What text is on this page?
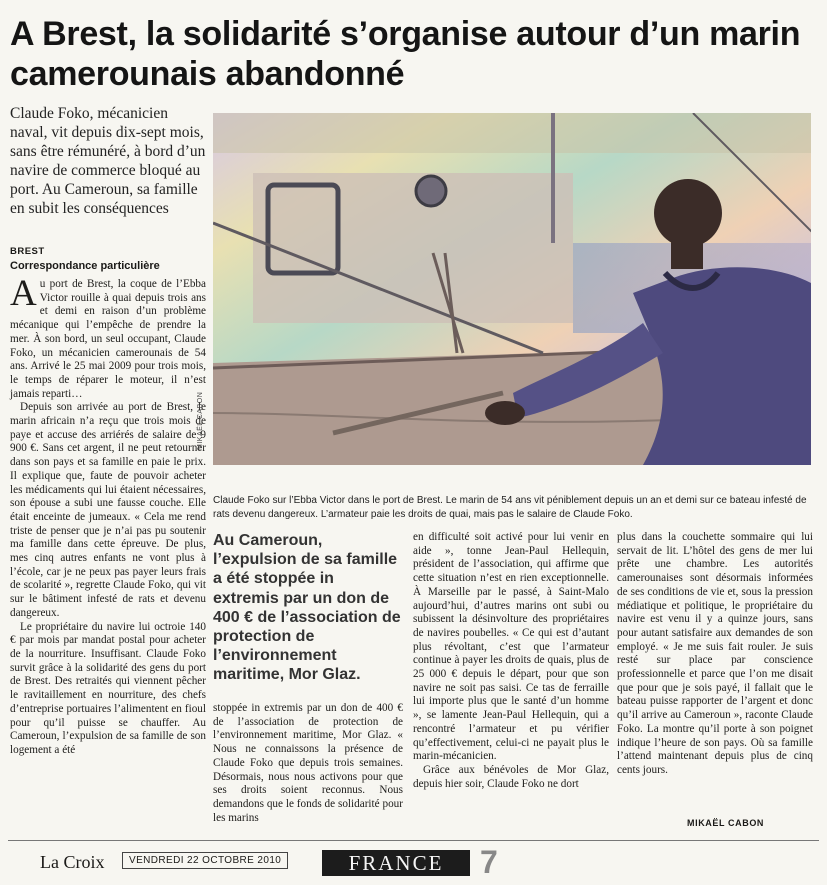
A Brest, la solidarité s’organise autour d’un marin camerounais abandonné

Claude Foko, mécanicien naval, vit depuis dix-sept mois, sans être rémunéré, à bord d’un navire de commerce bloqué au port. Au Cameroun, sa famille en subit les conséquences

BREST

Correspondance particulière

Au port de Brest, la coque de l’Ebba Victor rouille à quai depuis trois ans et demi en raison d’un problème mécanique qui l’empêche de prendre la mer. À son bord, un seul occupant, Claude Foko, un mécanicien camerounais de 54 ans. Arrivé le 25 mai 2009 pour trois mois, le temps de réparer le moteur, il n’est jamais reparti…

Depuis son arrivée au port de Brest, le marin africain n’a reçu que trois mois de paye et accuse des arriérés de salaire de 9 900 €. Sans cet argent, il ne peut retourner dans son pays et sa famille en paie le prix. Il explique que, faute de pouvoir acheter les médicaments qui lui étaient nécessaires, son épouse a subi une fausse couche. Elle était enceinte de jumeaux. « Cela me rend triste de penser que je n’ai pas pu soutenir ma famille dans cette épreuve. De plus, mes cinq autres enfants ne vont plus à l’école, car je ne peux pas payer leurs frais de scolarité », regrette Claude Foko, qui vit sur le bâtiment infesté de rats et devenu dangereux.

Le propriétaire du navire lui octroie 140 € par mois par mandat postal pour acheter de la nourriture. Insuffisant. Claude Foko survit grâce à la solidarité des gens du port de Brest. Des retraités qui viennent pêcher le ravitaillement en nourriture, des chefs d’entreprise portuaires l’alimentent en fioul pour qu’il puisse se chauffer. Au Cameroun, l’expulsion de sa famille de son logement a été

MIKAËL CABON

Claude Foko sur l’Ebba Victor dans le port de Brest. Le marin de 54 ans vit péniblement depuis un an et demi sur ce bateau infesté de rats devenu dangereux. L’armateur paie les droits de quai, mais pas le salaire de Claude Foko.

Au Cameroun, l’expulsion de sa famille a été stoppée in extremis par un don de 400 € de l’association de protection de l’environnement maritime, Mor Glaz.

stoppée in extremis par un don de 400 € de l’association de protection de l’environnement maritime, Mor Glaz. « Nous ne connaissons la présence de Claude Foko que depuis trois semaines. Désormais, nous nous activons pour que ses droits soient reconnus. Nous demandons que le fonds de solidarité pour les marins

en difficulté soit activé pour lui venir en aide », tonne Jean-Paul Hellequin, président de l’association, qui affirme que cette situation n’est en rien exceptionnelle. À Marseille par le passé, à Saint-Malo aujourd’hui, d’autres marins ont subi ou subissent la désinvolture des propriétaires de navires poubelles. « Ce qui est d’autant plus révoltant, c’est que l’armateur continue à payer les droits de quais, plus de 25 000 € depuis le départ, pour que son navire ne soit pas saisi. Ce tas de ferraille lui importe plus que le santé d’un homme », se lamente Jean-Paul Hellequin, qui a rencontré l’armateur et pu vérifier qu’effectivement, celui-ci ne payait plus le marin-mécanicien.

Grâce aux bénévoles de Mor Glaz, depuis hier soir, Claude Foko ne dort

plus dans la couchette sommaire qui lui servait de lit. L’hôtel des gens de mer lui prête une chambre. Les autorités camerounaises sont désormais informées de ses conditions de vie et, sous la pression médiatique et politique, le propriétaire du navire est venu il y a quinze jours, sans pour autant satisfaire aux demandes de son employé. « Je me suis fait rouler. Je suis resté sur place par conscience professionnelle et parce que l’on me disait que pour que je sois payé, il fallait que le bateau puisse rapporter de l’argent et donc qu’il arrive au Cameroun », raconte Claude Foko. La montre qu’il porte à son poignet indique l’heure de son pays. Où sa famille l’attend maintenant depuis plus de cinq cents jours.

MIKAËL CABON
La Croix	VENDREDI 22 OCTOBRE 2010	FRANCE	7
